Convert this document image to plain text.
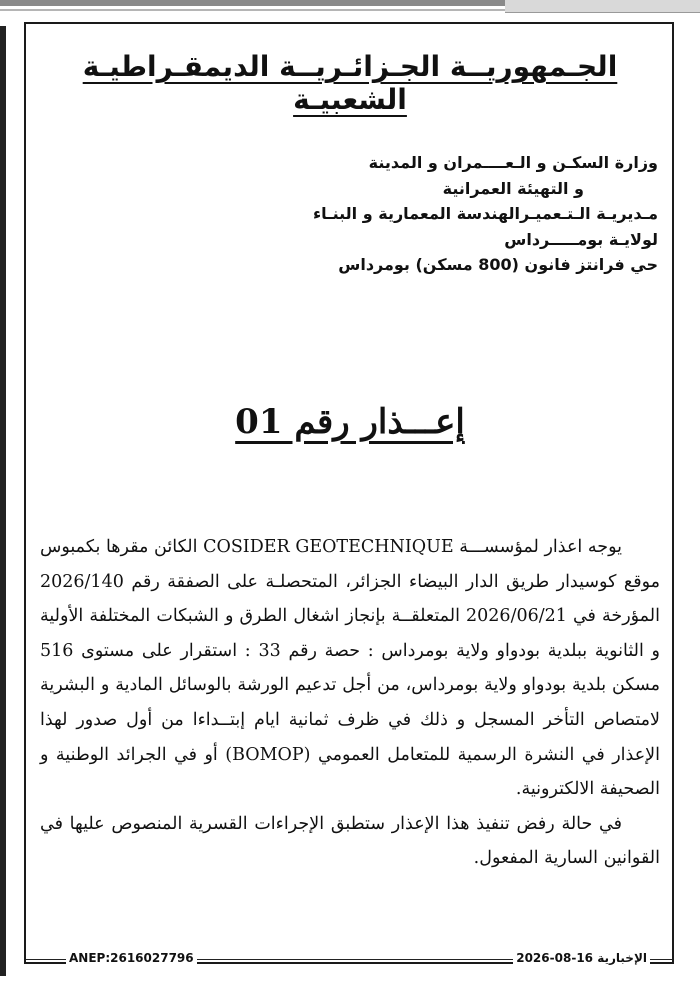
الجـمهوريــة الجـزائـريــة الديمقـراطيـة الشعبيـة
وزارة السكـن و الـعــــمران و المدينة
و التهيئة العمرانية
مـديريـة الـتـعميـرالهندسة المعمارية و البنـاء
لولايـة بومـــــرداس
حي فرانتز فانون (800 مسكن) بومرداس
إعـــذار رقم 01

يوجه اعذار لمؤسســـة COSIDER GEOTECHNIQUE الكائن مقرها بكمبوس موقع كوسيدار طريق الدار البيضاء الجزائر، المتحصلـة على الصفقة رقم 2026/140 المؤرخة في 2026/06/21 المتعلقــة بإنجاز اشغال الطرق و الشبكات المختلفة الأولية و الثانوية ببلدية بودواو ولاية بومرداس : حصة رقم 33 : استقرار على مستوى 516 مسكن بلدية بودواو ولاية بومرداس، من أجل تدعيم الورشة بالوسائل المادية و البشرية لامتصاص التأخر المسجل و ذلك في ظرف ثمانية ايام إبتــداءا من أول صدور لهذا الإعذار في النشرة الرسمية للمتعامل العمومي (BOMOP) أو في الجرائد الوطنية و الصحيفة الالكترونية.

في حالة رفض تنفيذ هذا الإعذار ستطبق الإجراءات القسرية المنصوص عليها في القوانين السارية المفعول.

ANEP:2616027796	الإخبارية 16-08-2026
